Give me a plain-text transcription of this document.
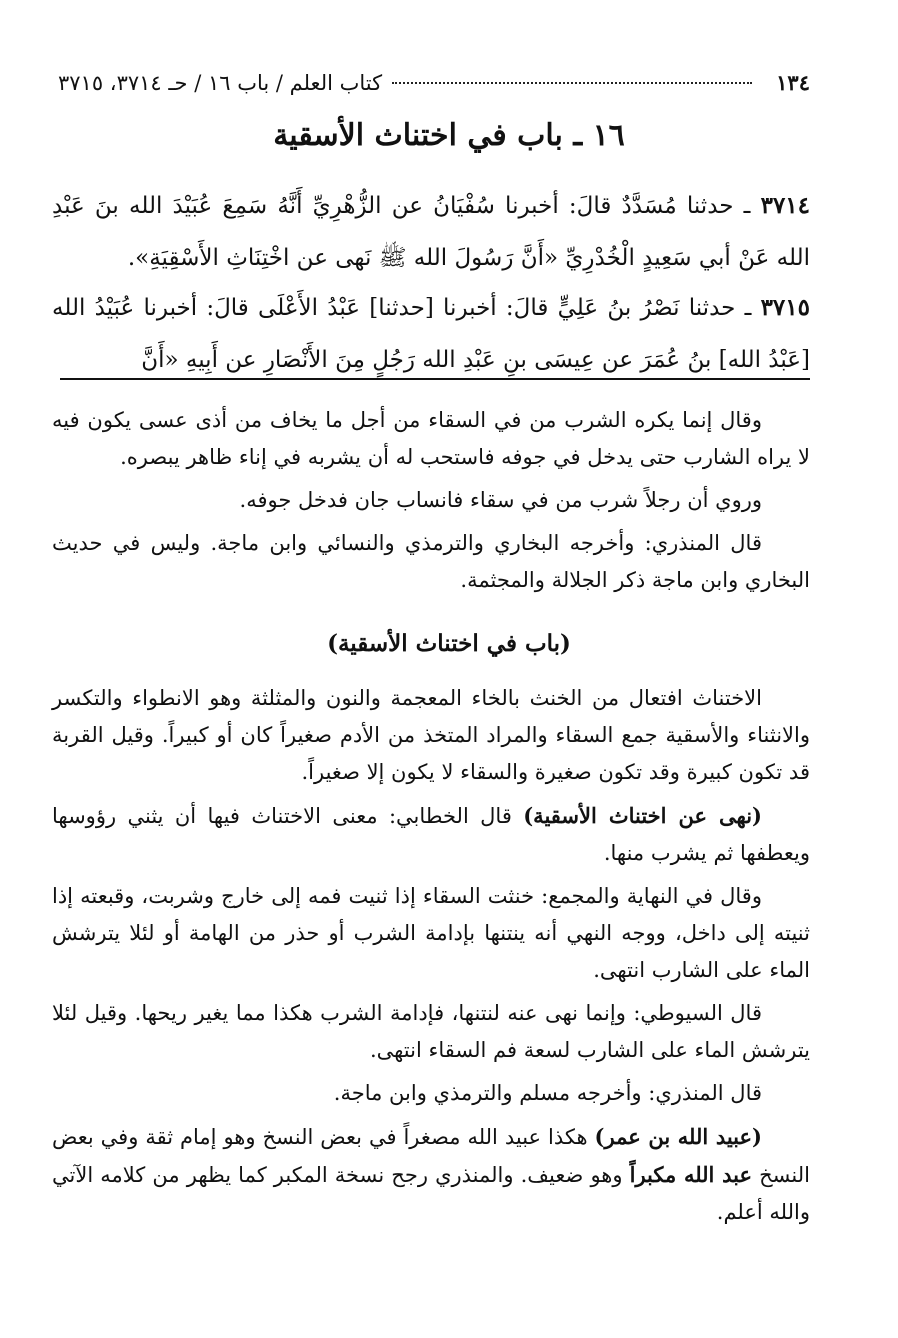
١٣٤
كتاب العلم / باب ١٦ / حـ ٣٧١٤، ٣٧١٥
١٦ ـ باب في اختناث الأسقية
٣٧١٤ ـ حدثنا مُسَدَّدٌ قالَ: أخبرنا سُفْيَانُ عن الزُّهْرِيِّ أَنَّهُ سَمِعَ عُبَيْدَ الله بنَ عَبْدِ الله عَنْ أبي سَعِيدٍ الْخُدْرِيِّ «أَنَّ رَسُولَ الله ﷺ نَهى عن اخْتِنَاثِ الأَسْقِيَةِ».
٣٧١٥ ـ حدثنا نَصْرُ بنُ عَلِيٍّ قالَ: أخبرنا [حدثنا] عَبْدُ الأَعْلَى قالَ: أخبرنا عُبَيْدُ الله [عَبْدُ الله] بنُ عُمَرَ عن عِيسَى بنِ عَبْدِ الله رَجُلٍ مِنَ الأَنْصَارِ عن أَبِيهِ «أَنَّ

وقال إنما يكره الشرب من في السقاء من أجل ما يخاف من أذى عسى يكون فيه لا يراه الشارب حتى يدخل في جوفه فاستحب له أن يشربه في إناء ظاهر يبصره.

وروي أن رجلاً شرب من في سقاء فانساب جان فدخل جوفه.

قال المنذري: وأخرجه البخاري والترمذي والنسائي وابن ماجة. وليس في حديث البخاري وابن ماجة ذكر الجلالة والمجثمة.

(باب في اختناث الأسقية)

الاختناث افتعال من الخنث بالخاء المعجمة والنون والمثلثة وهو الانطواء والتكسر والانثناء والأسقية جمع السقاء والمراد المتخذ من الأدم صغيراً كان أو كبيراً. وقيل القربة قد تكون كبيرة وقد تكون صغيرة والسقاء لا يكون إلا صغيراً.

(نهى عن اختناث الأسقية) قال الخطابي: معنى الاختناث فيها أن يثني رؤوسها ويعطفها ثم يشرب منها.

وقال في النهاية والمجمع: خنثت السقاء إذا ثنيت فمه إلى خارج وشربت، وقبعته إذا ثنيته إلى داخل، ووجه النهي أنه ينتنها بإدامة الشرب أو حذر من الهامة أو لئلا يترشش الماء على الشارب انتهى.

قال السيوطي: وإنما نهى عنه لنتنها، فإدامة الشرب هكذا مما يغير ريحها. وقيل لئلا يترشش الماء على الشارب لسعة فم السقاء انتهى.

قال المنذري: وأخرجه مسلم والترمذي وابن ماجة.

(عبيد الله بن عمر) هكذا عبيد الله مصغراً في بعض النسخ وهو إمام ثقة وفي بعض النسخ عبد الله مكبراً وهو ضعيف. والمنذري رجح نسخة المكبر كما يظهر من كلامه الآتي والله أعلم.
